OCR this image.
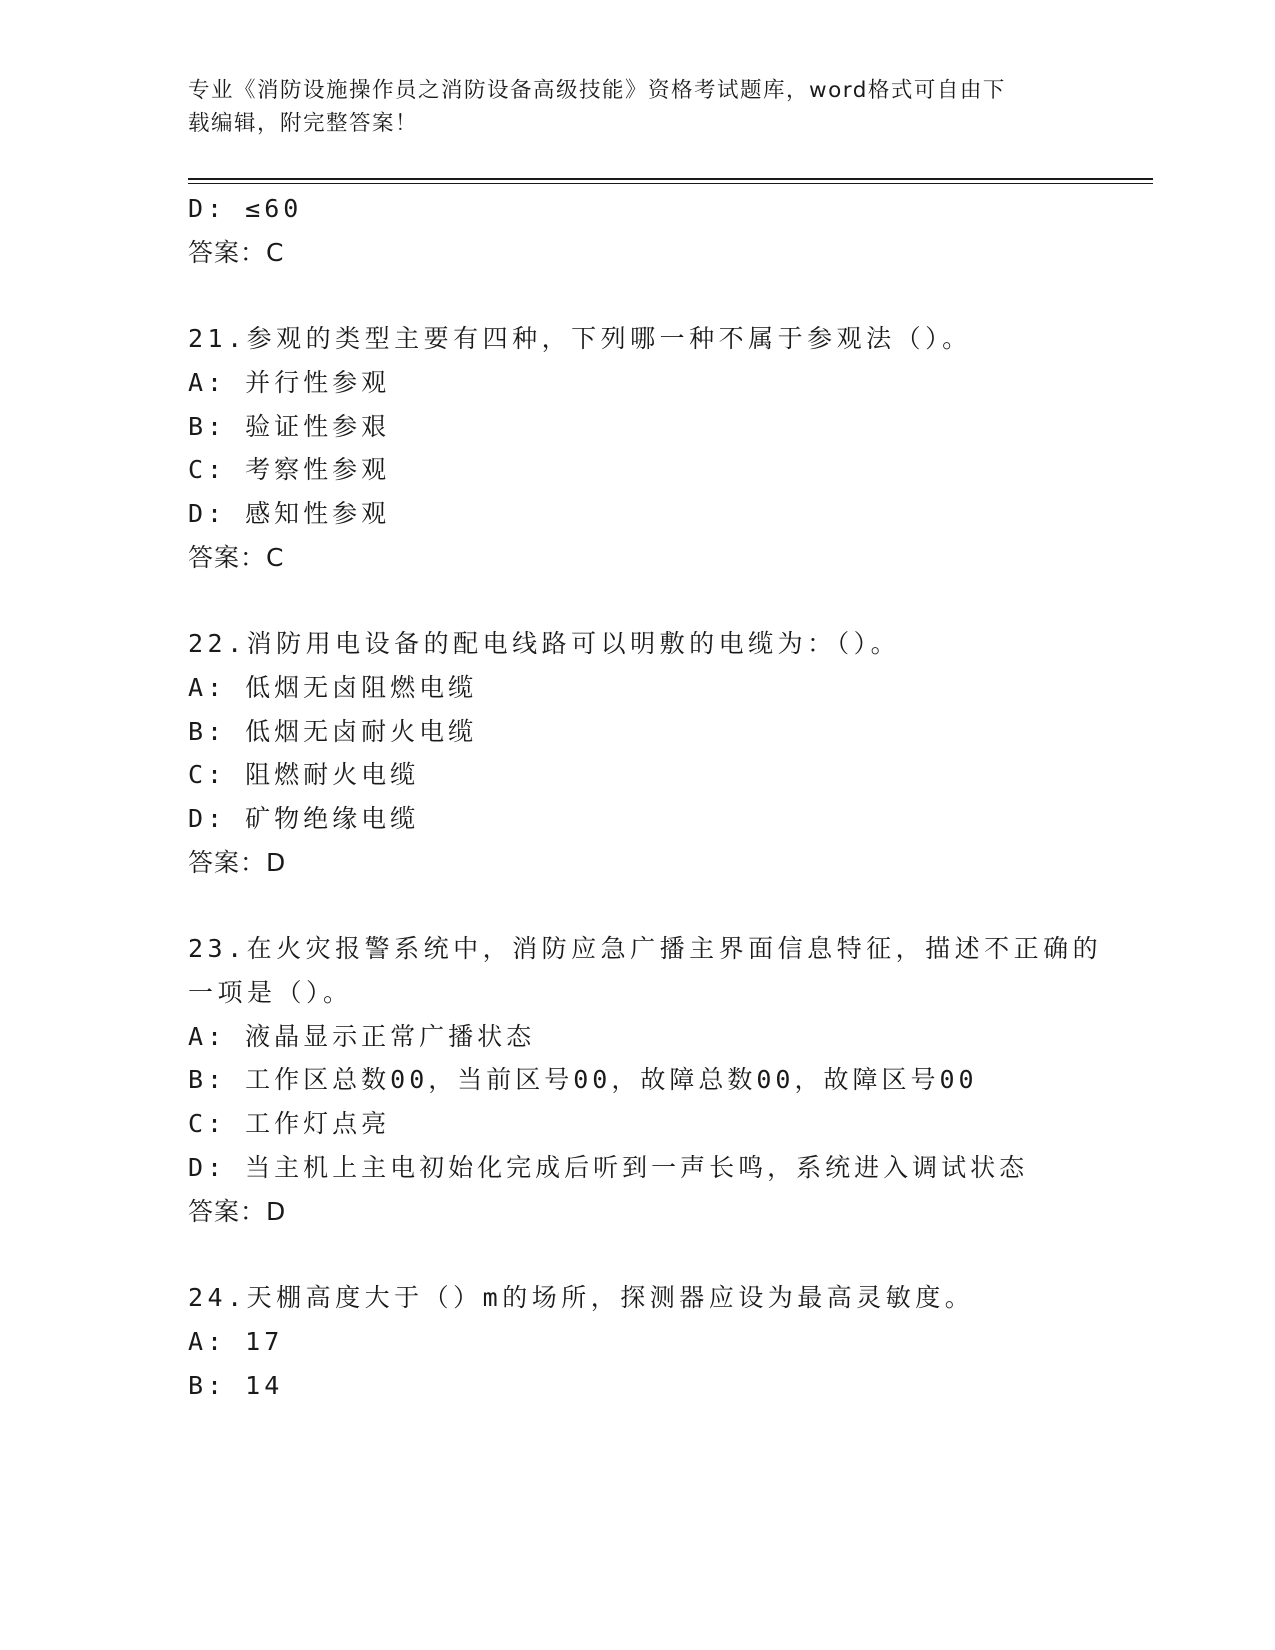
专业《消防设施操作员之消防设备高级技能》资格考试题库，word格式可自由下
载编辑，附完整答案！
D: ≤60
答案：C
21.参观的类型主要有四种，下列哪一种不属于参观法（）。
A: 并行性参观
B: 验证性参艰
C: 考察性参观
D: 感知性参观
答案：C
22.消防用电设备的配电线路可以明敷的电缆为：（）。
A: 低烟无卤阻燃电缆
B: 低烟无卤耐火电缆
C: 阻燃耐火电缆
D: 矿物绝缘电缆
答案：D
23.在火灾报警系统中，消防应急广播主界面信息特征，描述不正确的
一项是（）。
A: 液晶显示正常广播状态
B: 工作区总数00，当前区号00，故障总数00，故障区号00
C: 工作灯点亮
D: 当主机上主电初始化完成后听到一声长鸣，系统进入调试状态
答案：D
24.天棚高度大于（）m的场所，探测器应设为最高灵敏度。
A: 17
B: 14
